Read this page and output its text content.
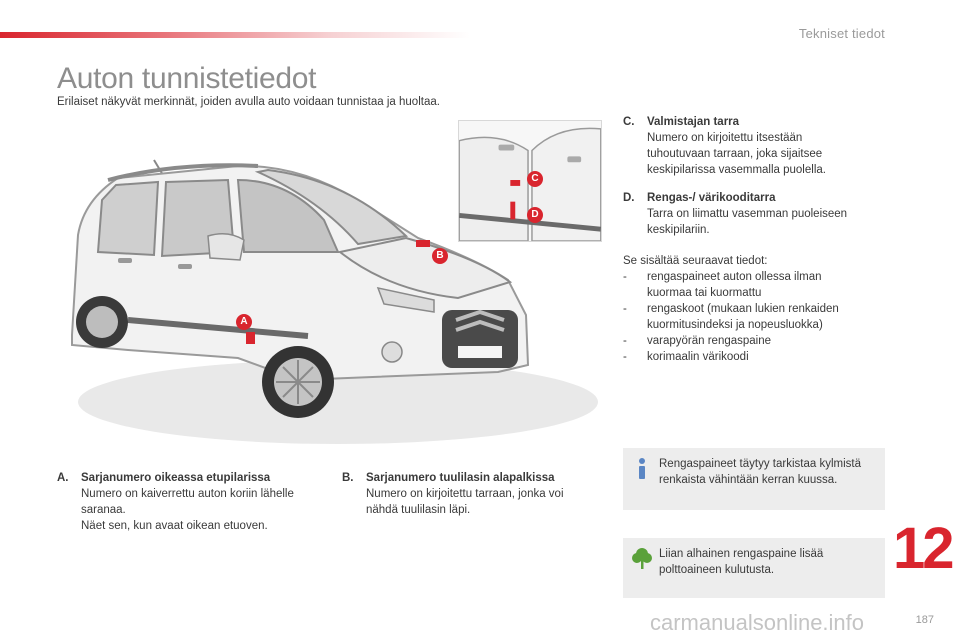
Tekniset tiedot
Auton tunnistetiedot

Erilaiset näkyvät merkinnät, joiden avulla auto voidaan tunnistaa ja huoltaa.

A
B
C
D
A. Sarjanumero oikeassa etupilarissa
Numero on kaiverrettu auton koriin lähelle
saranaa.
Näet sen, kun avaat oikean etuoven.
B. Sarjanumero tuulilasin alapalkissa
Numero on kirjoitettu tarraan, jonka voi
nähdä tuulilasin läpi.
C. Valmistajan tarra
Numero on kirjoitettu itsestään
tuhoutuvaan tarraan, joka sijaitsee
keskipilarissa vasemmalla puolella.
D. Rengas-/ värikooditarra
Tarra on liimattu vasemman puoleiseen
keskipilariin.

Se sisältää seuraavat tiedot:

- rengaspaineet auton ollessa ilman
kuormaa tai kuormattu
- rengaskoot (mukaan lukien renkaiden
kuormitusindeksi ja nopeusluokka)
- varapyörän rengaspaine
- korimaalin värikoodi
Rengaspaineet täytyy tarkistaa kylmistä
renkaista vähintään kerran kuussa.
Liian alhainen rengaspaine lisää
polttoaineen kulutusta.	12
carmanualsonline.info	187
